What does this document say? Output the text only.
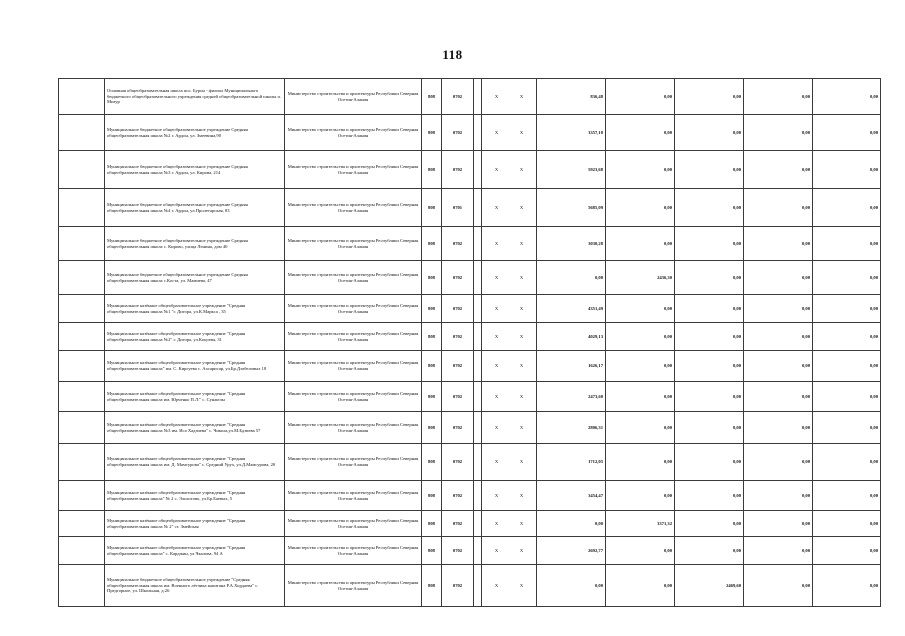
118
	Основная общеобразовательная школа пос. Бурон - филиал Муниципального бюджетного общеобразовательного учреждения средней общеобразовательной школы п. Мизур	Министерство строительства и архитектуры Республики Северная Осетия-Алания	808	0702		X X	836,48	0,00	0,00	0,00	0,00
	Муниципальное бюджетное общеобразовательное учреждение Средняя общеобразовательная школа №2 г. Ардон, ул. Змеевина,90	Министерство строительства и архитектуры Республики Северная Осетия-Алания	808	0702		X X	3357,10	0,00	0,00	0,00	0,00
	Муниципальное бюджетное общеобразовательное учреждение Средняя общеобразовательная школа №3 г. Ардон, ул. Кирова, 214	Министерство строительства и архитектуры Республики Северная Осетия-Алания	808	0702		X X	5923,68	0,00	0,00	0,00	0,00
	Муниципальное бюджетное общеобразовательное учреждение Средняя общеобразовательная школа №4 г. Ардон, ул.Пролетарская, 83	Министерство строительства и архитектуры Республики Северная Осетия-Алания	808	0701		X X	5685,09	0,00	0,00	0,00	0,00
	Муниципальное бюджетное общеобразовательное учреждение Средняя общеобразовательная школа с. Кирово, улица Ленина, дом 40	Министерство строительства и архитектуры Республики Северная Осетия-Алания	808	0702		X X	3030,28	0,00	0,00	0,00	0,00
	Муниципальное бюджетное общеобразовательное учреждение Средняя общеобразовательная школа с.Коста, ул. Мамиева, 47	Министерство строительства и архитектуры Республики Северная Осетия-Алания	808	0702		X X	0,00	2436,30	0,00	0,00	0,00
	Муниципальное казённое общеобразовательное учреждение "Средняя общеобразовательная школа №1 "г. Дигора, ул.К.Маркса , 35	Министерство строительства и архитектуры Республики Северная Осетия-Алания	808	0702		X X	4351,49	0,00	0,00	0,00	0,00
	Муниципальное казённое общеобразовательное учреждение "Средняя общеобразовательная школа №2" г. Дигора, ул.Коцоева, 31	Министерство строительства и архитектуры Республики Северная Осетия-Алания	808	0702		X X	4029,13	0,00	0,00	0,00	0,00
	Муниципальное казённое общеобразовательное учреждение "Средняя общеобразовательная школа" им. С. Киргуева с. Ахсарисар, ул.Бр.Дзабеловых 18	Министерство строительства и архитектуры Республики Северная Осетия-Алания	808	0702		X X	1626,17	0,00	0,00	0,00	0,00
	Муниципальное казённое общеобразовательное учреждение "Средняя общеобразовательная школа им. Юрченко П.Л." с. Сунжелы	Министерство строительства и архитектуры Республики Северная Осетия-Алания	808	0702		X X	2473,60	0,00	0,00	0,00	0,00
	Муниципальное казённое общеобразовательное учреждение "Средняя общеобразовательная школа №3 им. Иса Хадзиева" с. Чикола,ул.М.Бдзиева 57	Министерство строительства и архитектуры Республики Северная Осетия-Алания	808	0702		X X	2806,31	0,00	0,00	0,00	0,00
	Муниципальное казённое общеобразовательное учреждение "Средняя общеобразовательная школа им. Д. Мамсурова" с. Средний Урух, ул.Д.Мамсурова, 20	Министерство строительства и архитектуры Республики Северная Осетия-Алания	808	0702		X X	1712,05	0,00	0,00	0,00	0,00
	Муниципальное казённое общеобразовательное учреждение "Средняя общеобразовательная школа" № 2 с. Эльхотово, ул.Бр.Баевых, 5	Министерство строительства и архитектуры Республики Северная Осетия-Алания	808	0702		X X	3454,47	0,00	0,00	0,00	0,00
	Муниципальное казённое общеобразовательное учреждение "Средняя общеобразовательная школа № 2" ст. Змейская	Министерство строительства и архитектуры Республики Северная Осетия-Алания	808	0702		X X	0,00	3371,32	0,00	0,00	0,00
	Муниципальное казённое общеобразовательное учреждение "Средняя общеобразовательная школа" с. Карджин, ул.Чкалова, 94 А	Министерство строительства и архитектуры Республики Северная Осетия-Алания	808	0702		X X	2692,77	0,00	0,00	0,00	0,00
	Муниципальное бюджетное общеобразовательное учреждение "Средняя общеобразовательная школа им. Военного лётчика капитана Р.А.Хордаева" с. Предгорное, ул. Школьная, д.26	Министерство строительства и архитектуры Республики Северная Осетия-Алания	808	0702		X X	0,00	0,00	2469,60	0,00	0,00
